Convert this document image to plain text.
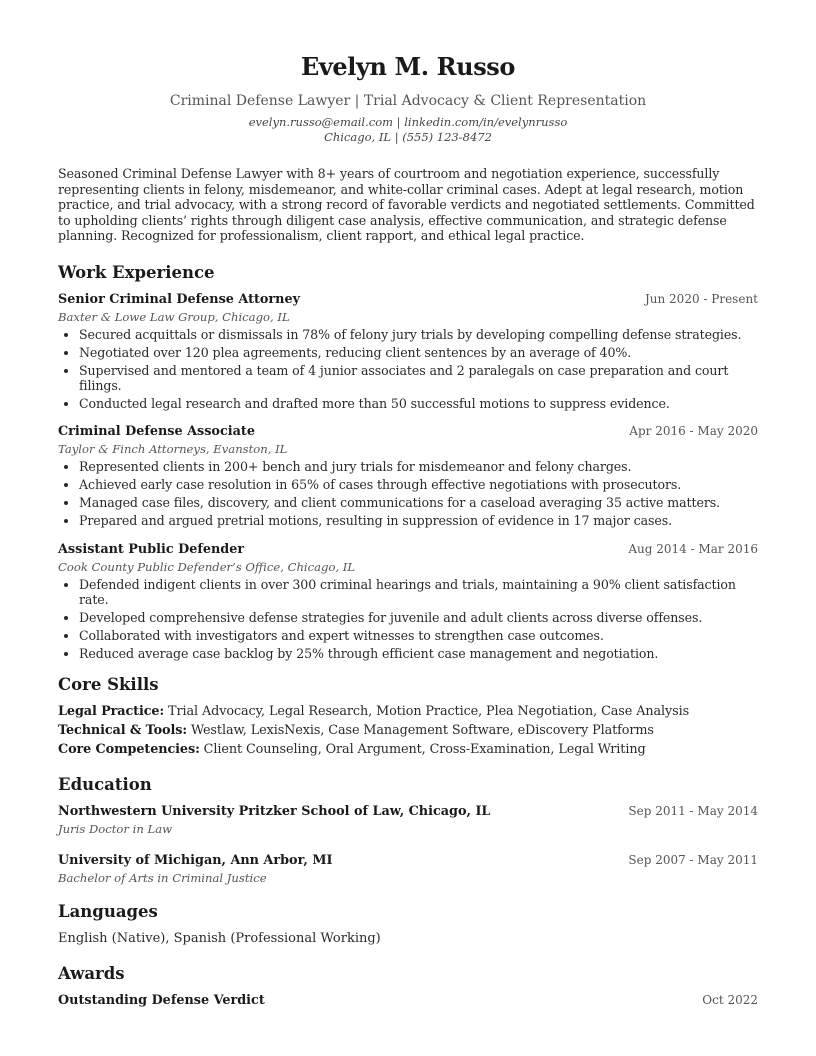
Evelyn M. Russo
Criminal Defense Lawyer | Trial Advocacy & Client Representation
evelyn.russo@email.com | linkedin.com/in/evelynrusso
Chicago, IL | (555) 123-8472
Seasoned Criminal Defense Lawyer with 8+ years of courtroom and negotiation experience, successfully representing clients in felony, misdemeanor, and white-collar criminal cases. Adept at legal research, motion practice, and trial advocacy, with a strong record of favorable verdicts and negotiated settlements. Committed to upholding clients’ rights through diligent case analysis, effective communication, and strategic defense planning. Recognized for professionalism, client rapport, and ethical legal practice.
Work Experience
Senior Criminal Defense Attorney	Jun 2020 - Present
Baxter & Lowe Law Group, Chicago, IL
• Secured acquittals or dismissals in 78% of felony jury trials by developing compelling defense strategies.
• Negotiated over 120 plea agreements, reducing client sentences by an average of 40%.
• Supervised and mentored a team of 4 junior associates and 2 paralegals on case preparation and court filings.
• Conducted legal research and drafted more than 50 successful motions to suppress evidence.
Criminal Defense Associate	Apr 2016 - May 2020
Taylor & Finch Attorneys, Evanston, IL
• Represented clients in 200+ bench and jury trials for misdemeanor and felony charges.
• Achieved early case resolution in 65% of cases through effective negotiations with prosecutors.
• Managed case files, discovery, and client communications for a caseload averaging 35 active matters.
• Prepared and argued pretrial motions, resulting in suppression of evidence in 17 major cases.
Assistant Public Defender	Aug 2014 - Mar 2016
Cook County Public Defender’s Office, Chicago, IL
• Defended indigent clients in over 300 criminal hearings and trials, maintaining a 90% client satisfaction rate.
• Developed comprehensive defense strategies for juvenile and adult clients across diverse offenses.
• Collaborated with investigators and expert witnesses to strengthen case outcomes.
• Reduced average case backlog by 25% through efficient case management and negotiation.
Core Skills
Legal Practice: Trial Advocacy, Legal Research, Motion Practice, Plea Negotiation, Case Analysis
Technical & Tools: Westlaw, LexisNexis, Case Management Software, eDiscovery Platforms
Core Competencies: Client Counseling, Oral Argument, Cross-Examination, Legal Writing
Education
Northwestern University Pritzker School of Law, Chicago, IL	Sep 2011 - May 2014
Juris Doctor in Law
University of Michigan, Ann Arbor, MI	Sep 2007 - May 2011
Bachelor of Arts in Criminal Justice
Languages
English (Native), Spanish (Professional Working)
Awards
Outstanding Defense Verdict	Oct 2022
